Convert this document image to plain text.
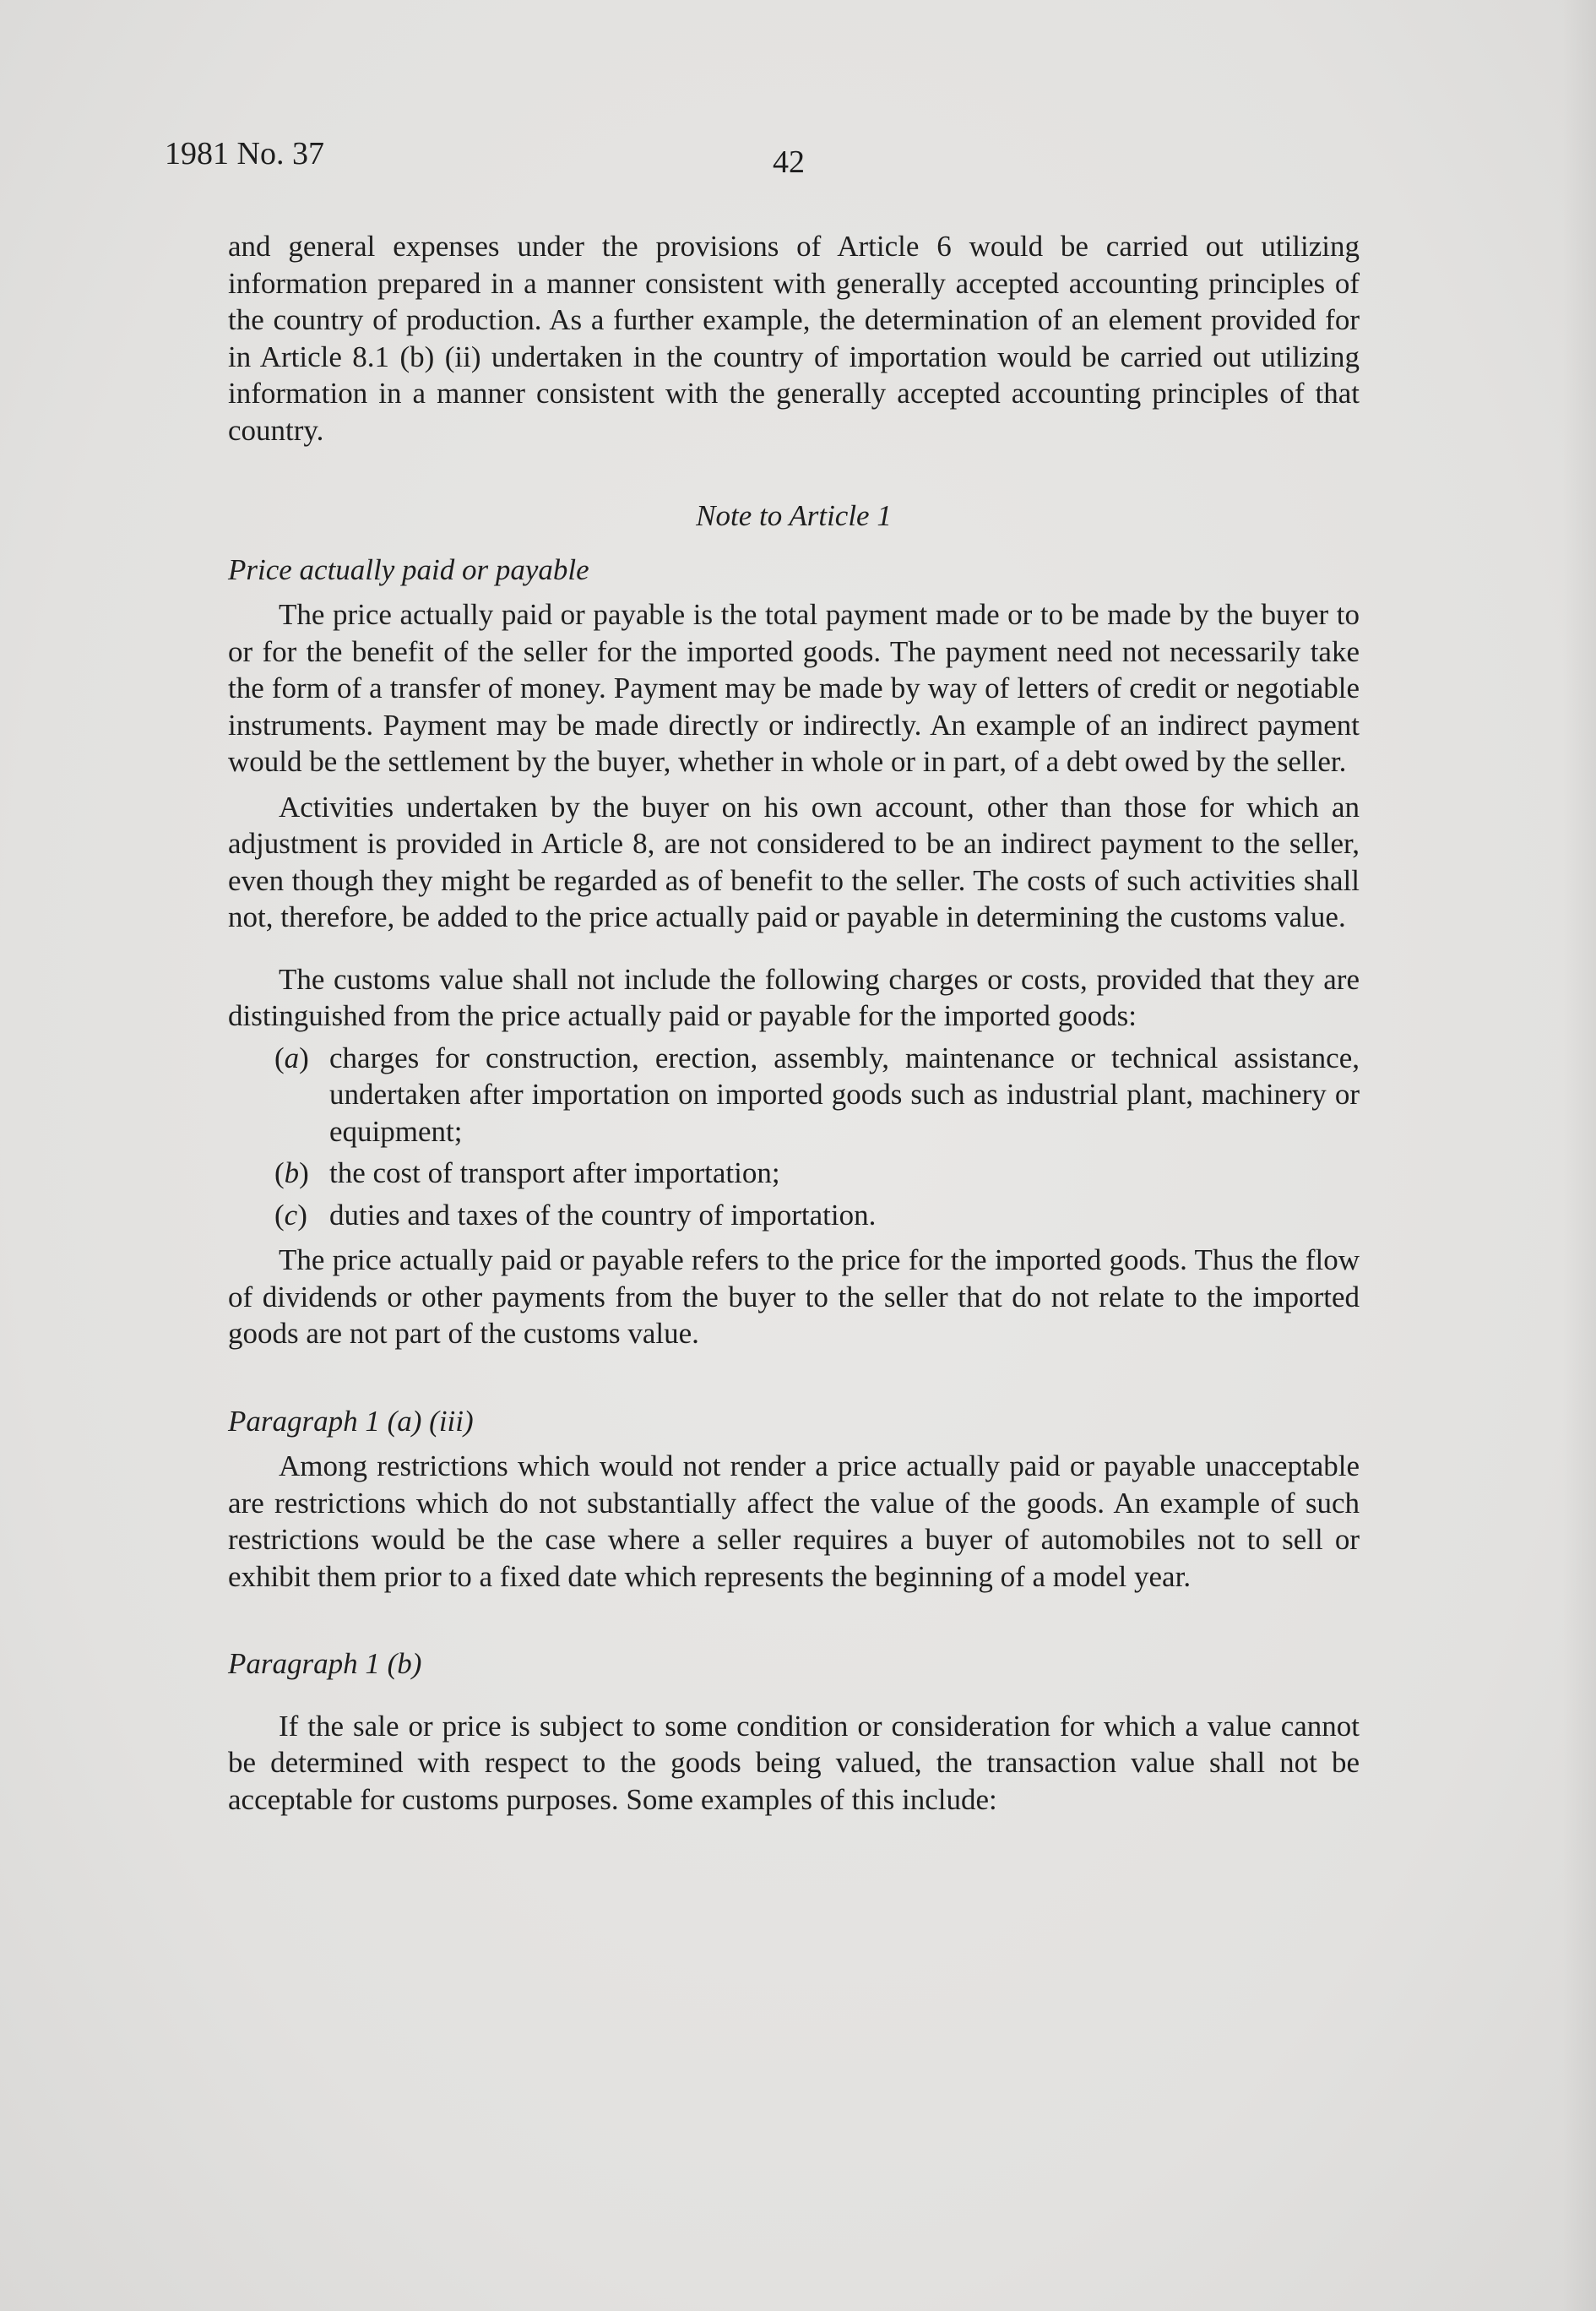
1981 No. 37	42

and general expenses under the provisions of Article 6 would be carried out utilizing information prepared in a manner consistent with generally accepted accounting principles of the country of production. As a further example, the determination of an element provided for in Article 8.1 (b) (ii) undertaken in the country of importation would be carried out utilizing information in a manner consistent with the generally accepted accounting principles of that country.

Note to Article 1

Price actually paid or payable

The price actually paid or payable is the total payment made or to be made by the buyer to or for the benefit of the seller for the imported goods. The payment need not necessarily take the form of a transfer of money. Payment may be made by way of letters of credit or negotiable instruments. Payment may be made directly or indirectly. An example of an indirect payment would be the settlement by the buyer, whether in whole or in part, of a debt owed by the seller.

Activities undertaken by the buyer on his own account, other than those for which an adjustment is provided in Article 8, are not considered to be an indirect payment to the seller, even though they might be regarded as of benefit to the seller. The costs of such activities shall not, therefore, be added to the price actually paid or payable in determining the customs value.

The customs value shall not include the following charges or costs, provided that they are distinguished from the price actually paid or payable for the imported goods:

(a) charges for construction, erection, assembly, maintenance or technical assistance, undertaken after importation on imported goods such as industrial plant, machinery or equipment;

(b) the cost of transport after importation;

(c) duties and taxes of the country of importation.

The price actually paid or payable refers to the price for the imported goods. Thus the flow of dividends or other payments from the buyer to the seller that do not relate to the imported goods are not part of the customs value.

Paragraph 1 (a) (iii)

Among restrictions which would not render a price actually paid or payable unacceptable are restrictions which do not substantially affect the value of the goods. An example of such restrictions would be the case where a seller requires a buyer of automobiles not to sell or exhibit them prior to a fixed date which represents the beginning of a model year.

Paragraph 1 (b)

If the sale or price is subject to some condition or consideration for which a value cannot be determined with respect to the goods being valued, the transaction value shall not be acceptable for customs purposes. Some examples of this include:
